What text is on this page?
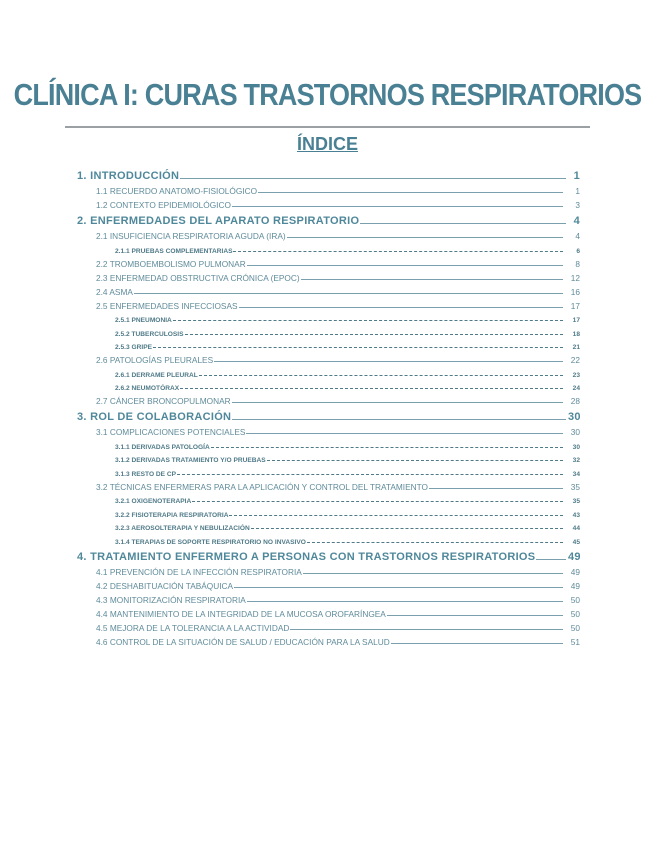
CLÍNICA I: CURAS TRASTORNOS RESPIRATORIOS
ÍNDICE
1. INTRODUCCIÓN	1
1.1 RECUERDO ANATOMO-FISIOLÓGICO	1
1.2 CONTEXTO EPIDEMIOLÓGICO	3
2. ENFERMEDADES DEL APARATO RESPIRATORIO	4
2.1 INSUFICIENCIA RESPIRATORIA AGUDA (IRA)	4
2.1.1 PRUEBAS COMPLEMENTARIAS	6
2.2 TROMBOEMBOLISMO PULMONAR	8
2.3 ENFERMEDAD OBSTRUCTIVA CRÓNICA (EPOC)	12
2.4 ASMA	16
2.5 ENFERMEDADES INFECCIOSAS	17
2.5.1 PNEUMONIA	17
2.5.2 TUBERCULOSIS	18
2.5.3 GRIPE	21
2.6 PATOLOGÍAS PLEURALES	22
2.6.1 DERRAME PLEURAL	23
2.6.2 NEUMOTÓRAX	24
2.7 CÁNCER BRONCOPULMONAR	28
3. ROL DE COLABORACIÓN	30
3.1 COMPLICACIONES POTENCIALES	30
3.1.1 DERIVADAS PATOLOGÍA	30
3.1.2 DERIVADAS TRATAMIENTO Y/O PRUEBAS	32
3.1.3 RESTO DE CP	34
3.2 TÉCNICAS ENFERMERAS PARA LA APLICACIÓN Y CONTROL DEL TRATAMIENTO	35
3.2.1 OXIGENOTERAPIA	35
3.2.2 FISIOTERAPIA RESPIRATORIA	43
3.2.3 AEROSOLTERAPIA Y NEBULIZACIÓN	44
3.1.4 TERAPIAS DE SOPORTE RESPIRATORIO NO INVASIVO	45
4. TRATAMIENTO ENFERMERO A PERSONAS CON TRASTORNOS RESPIRATORIOS	49
4.1 PREVENCIÓN DE LA INFECCIÓN RESPIRATORIA	49
4.2 DESHABITUACIÓN TABÁQUICA	49
4.3 MONITORIZACIÓN RESPIRATORIA	50
4.4 MANTENIMIENTO DE LA INTEGRIDAD DE LA MUCOSA OROFARÍNGEA	50
4.5 MEJORA DE LA TOLERANCIA A LA ACTIVIDAD	50
4.6 CONTROL DE LA SITUACIÓN DE SALUD / EDUCACIÓN PARA LA SALUD	51
